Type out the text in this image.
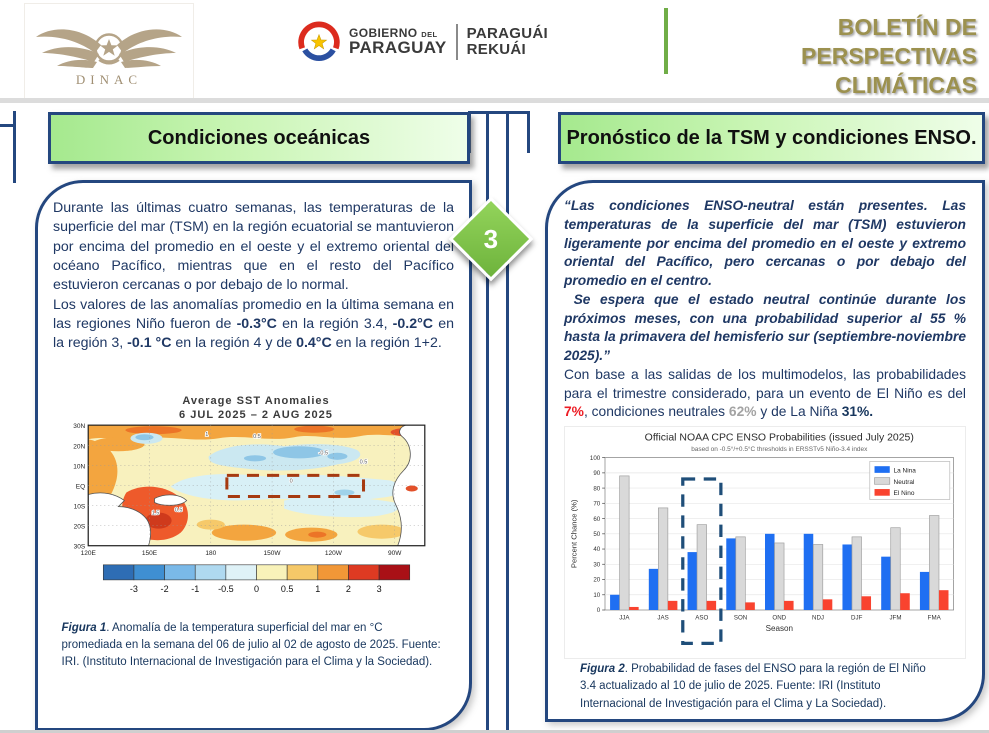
DINAC
GOBIERNO DEL
PARAGUAY
PARAGUÁI
REKUÁI
BOLETÍN DE PERSPECTIVAS
CLIMÁTICAS
3
Condiciones oceánicas	Pronóstico de la TSM y condiciones ENSO.

Durante las últimas cuatro semanas, las temperaturas de la superficie del mar (TSM) en la región ecuatorial se mantuvieron por encima del promedio en el oeste y el extremo oriental del océano Pacífico, mientras que en el resto del Pacífico estuvieron cercanas o por debajo de lo normal.

Los valores de las anomalías promedio en la última semana en las regiones Niño fueron de -0.3°C en la región 3.4, -0.2°C en la región 3, -0.1 °C en la región 4 y de 0.4°C en la región 1+2.

Average SST Anomalies
6 JUL 2025 – 2 AUG 2025
30N
20N
10N
EQ
10S
20S
30S
120E	150E	180	150W	120W	90W
0.5
1.5
0
-0.5
0.5
1	0.5
-3	-2	-1 -0.5 0 0.5 1	2	3

Figura 1. Anomalía de la temperatura superficial del mar en °C promediada en la semana del 06 de julio al 02 de agosto de 2025. Fuente: IRI. (Instituto Internacional de Investigación para el Clima y la Sociedad).

“Las condiciones ENSO-neutral están presentes. Las temperaturas de la superficie del mar (TSM) estuvieron ligeramente por encima del promedio en el oeste y extremo oriental del Pacífico, pero cercanas o por debajo del promedio en el centro.

Se espera que el estado neutral continúe durante los próximos meses, con una probabilidad superior al 55 % hasta la primavera del hemisferio sur (septiembre-noviembre 2025).”

Con base a las salidas de los multimodelos, las probabilidades para el trimestre considerado, para un evento de El Niño es del 7%, condiciones neutrales 62% y de La Niña 31%.

Official NOAA CPC ENSO Probabilities (issued July 2025)
based on -0.5°/+0.5°C thresholds in ERSSTv5 Niño-3.4 index
0
10
20
30
40
50
60
70
80
90
100
JJA	JAS	ASO	SON	OND	NDJ	DJF	JFM	FMA
Season
Percent Chance (%)
La Nina
Neutral
El Nino

Figura 2. Probabilidad de fases del ENSO para la región de El Niño 3.4 actualizado al 10 de julio de 2025. Fuente: IRI (Instituto Internacional de Investigación para el Clima y La Sociedad).
